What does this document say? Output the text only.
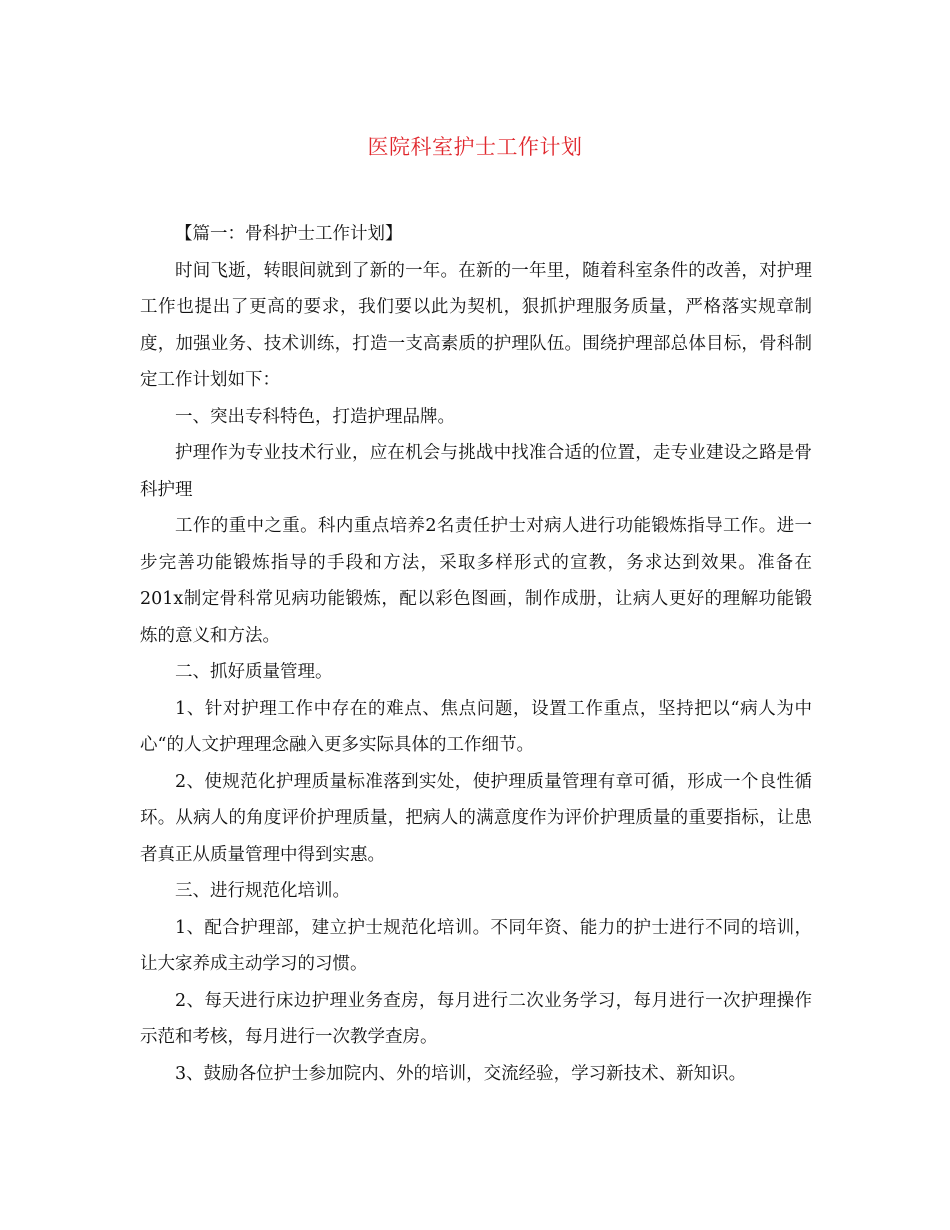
医院科室护士工作计划

【篇一：骨科护士工作计划】

时间飞逝，转眼间就到了新的一年。在新的一年里，随着科室条件的改善，对护理工作也提出了更高的要求，我们要以此为契机，狠抓护理服务质量，严格落实规章制度，加强业务、技术训练，打造一支高素质的护理队伍。围绕护理部总体目标，骨科制定工作计划如下：

一、突出专科特色，打造护理品牌。

护理作为专业技术行业，应在机会与挑战中找准合适的位置，走专业建设之路是骨科护理

工作的重中之重。科内重点培养2名责任护士对病人进行功能锻炼指导工作。进一步完善功能锻炼指导的手段和方法，采取多样形式的宣教，务求达到效果。准备在201x制定骨科常见病功能锻炼，配以彩色图画，制作成册，让病人更好的理解功能锻炼的意义和方法。

二、抓好质量管理。

1、针对护理工作中存在的难点、焦点问题，设置工作重点，坚持把以“病人为中心“的人文护理理念融入更多实际具体的工作细节。

2、使规范化护理质量标准落到实处，使护理质量管理有章可循，形成一个良性循环。从病人的角度评价护理质量，把病人的满意度作为评价护理质量的重要指标，让患者真正从质量管理中得到实惠。

三、进行规范化培训。

1、配合护理部，建立护士规范化培训。不同年资、能力的护士进行不同的培训，让大家养成主动学习的习惯。

2、每天进行床边护理业务查房，每月进行二次业务学习，每月进行一次护理操作示范和考核，每月进行一次教学查房。

3、鼓励各位护士参加院内、外的培训，交流经验，学习新技术、新知识。
